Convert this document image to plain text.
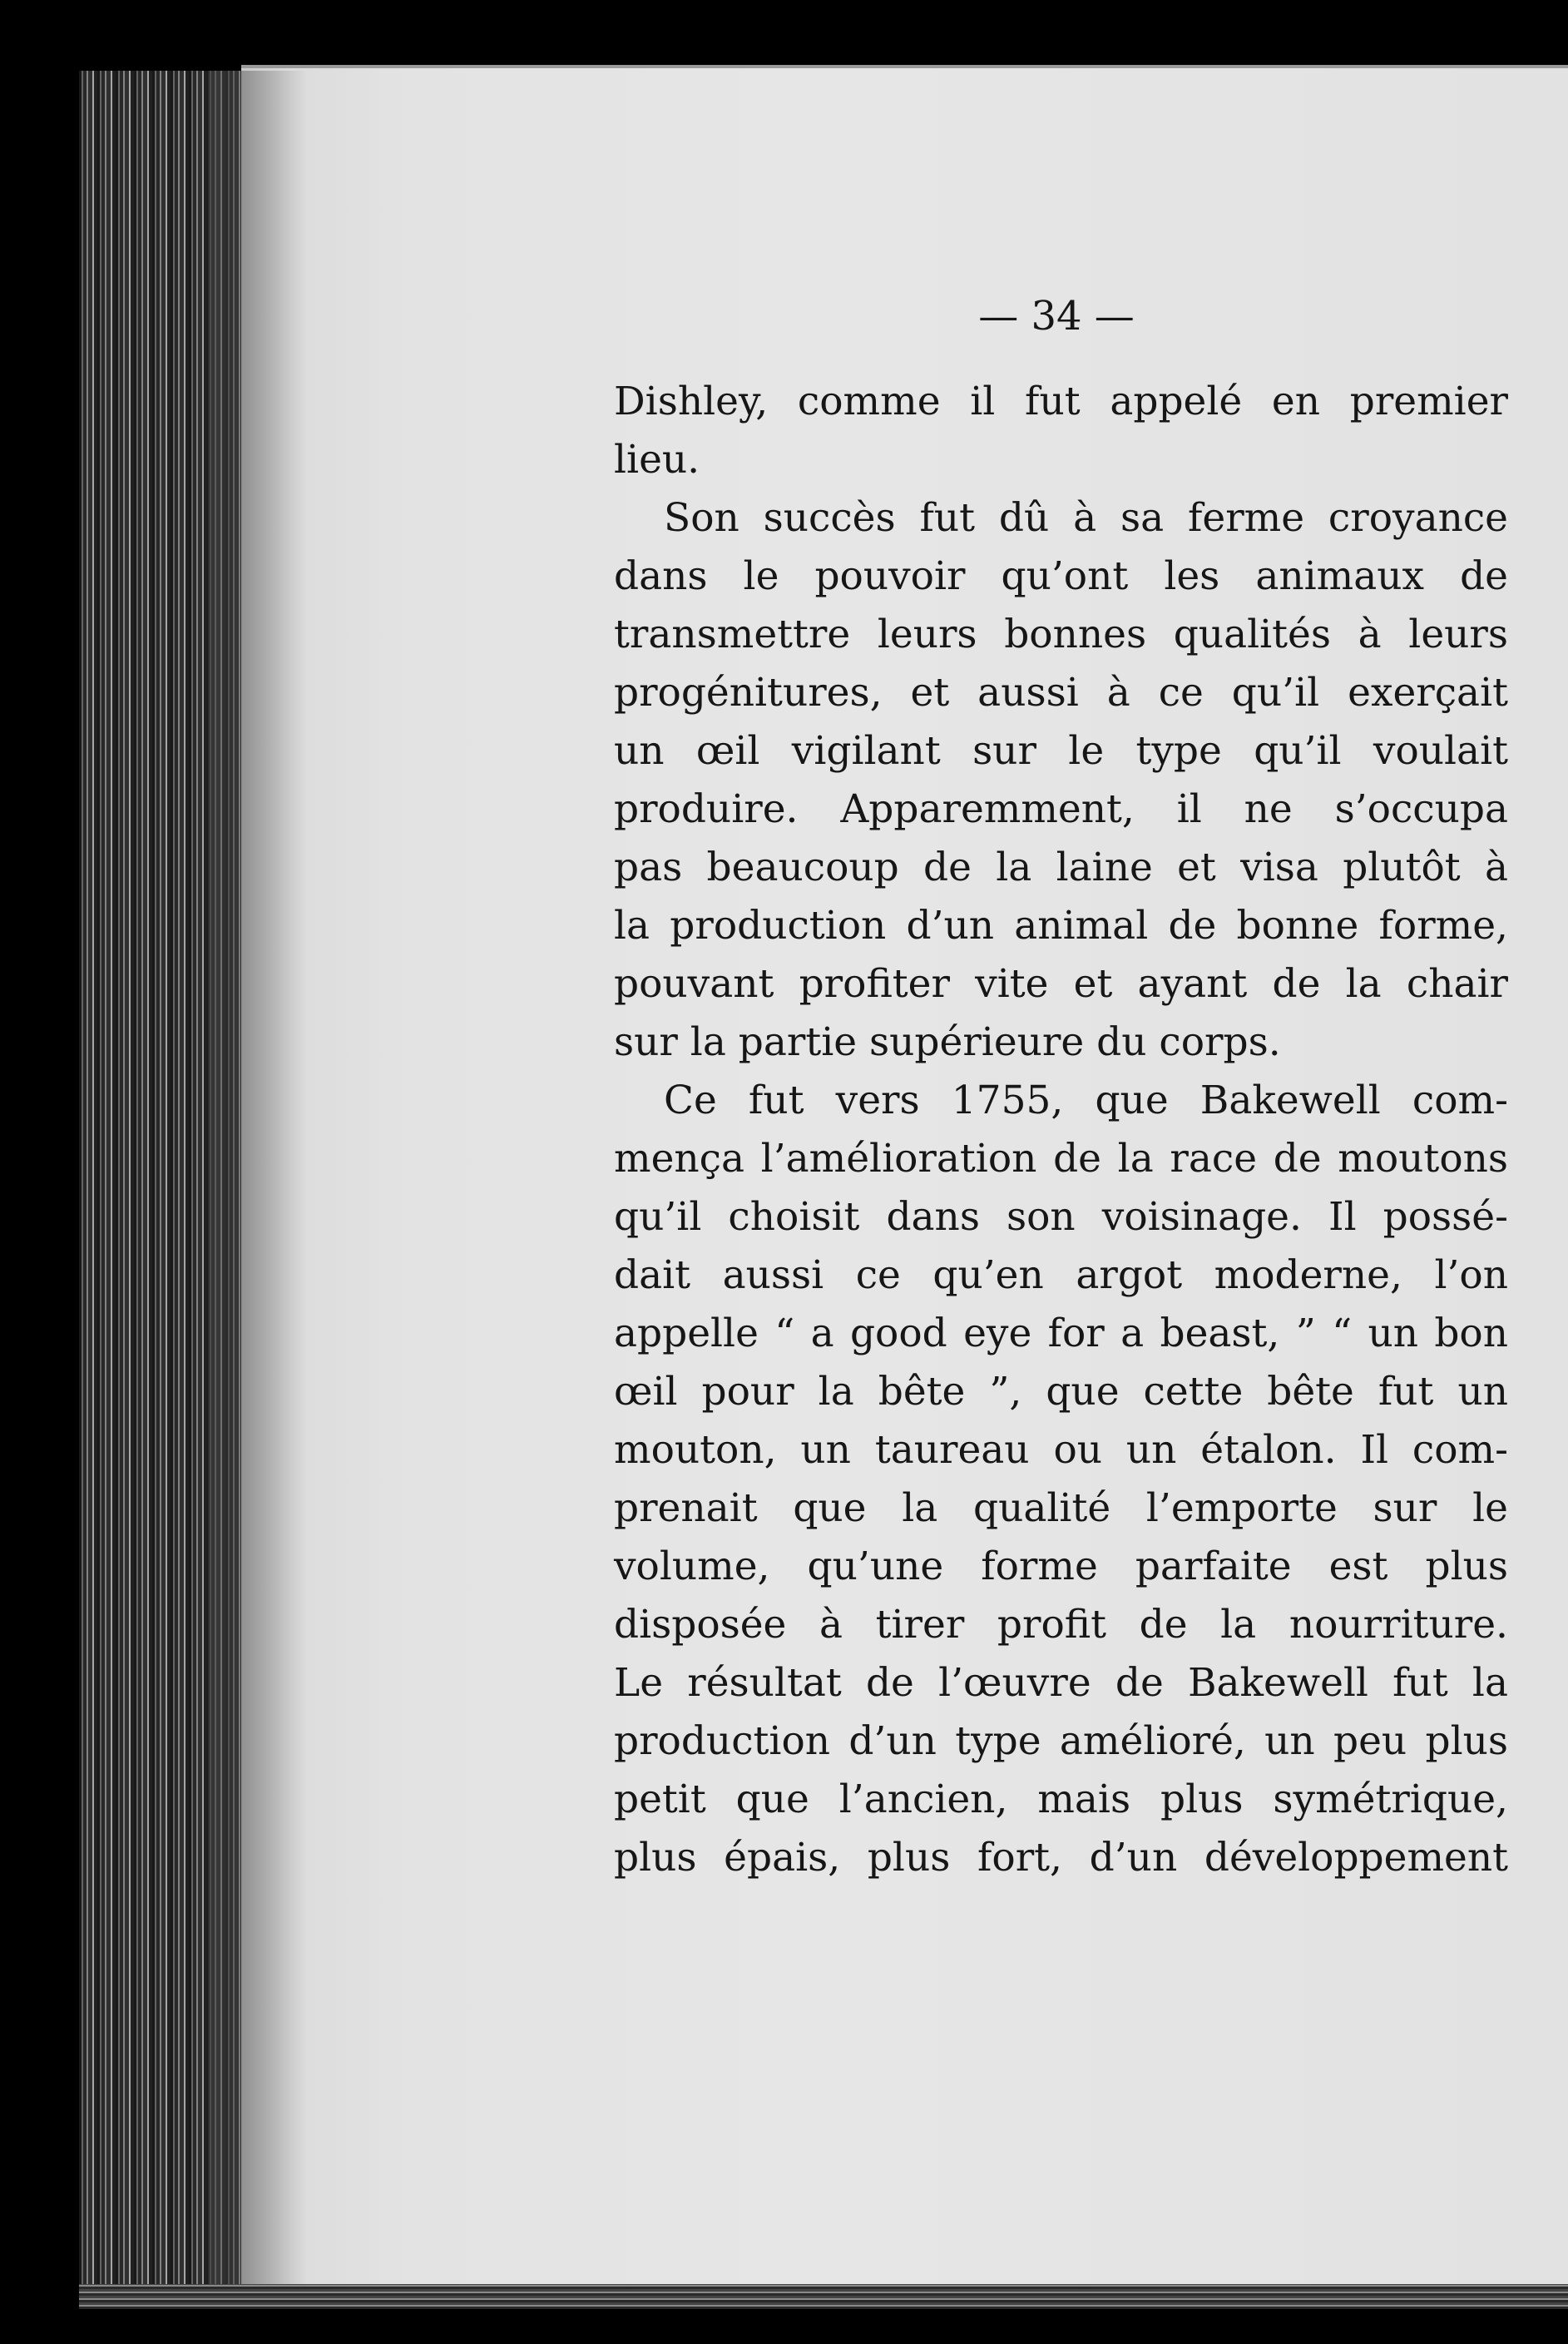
— 34 —
Dishley, comme il fut appelé en premier
lieu.
Son succès fut dû à sa ferme croyance
dans le pouvoir qu’ont les animaux de
transmettre leurs bonnes qualités à leurs
progénitures, et aussi à ce qu’il exerçait
un œil vigilant sur le type qu’il voulait
produire. Apparemment, il ne s’occupa
pas beaucoup de la laine et visa plutôt à
la production d’un animal de bonne forme,
pouvant profiter vite et ayant de la chair
sur la partie supérieure du corps.
Ce fut vers 1755, que Bakewell com-
mença l’amélioration de la race de moutons
qu’il choisit dans son voisinage. Il possé-
dait aussi ce qu’en argot moderne, l’on
appelle “ a good eye for a beast, ” “ un bon
œil pour la bête ”, que cette bête fut un
mouton, un taureau ou un étalon. Il com-
prenait que la qualité l’emporte sur le
volume, qu’une forme parfaite est plus
disposée à tirer profit de la nourriture.
Le résultat de l’œuvre de Bakewell fut la
production d’un type amélioré, un peu plus
petit que l’ancien, mais plus symétrique,
plus épais, plus fort, d’un développement
